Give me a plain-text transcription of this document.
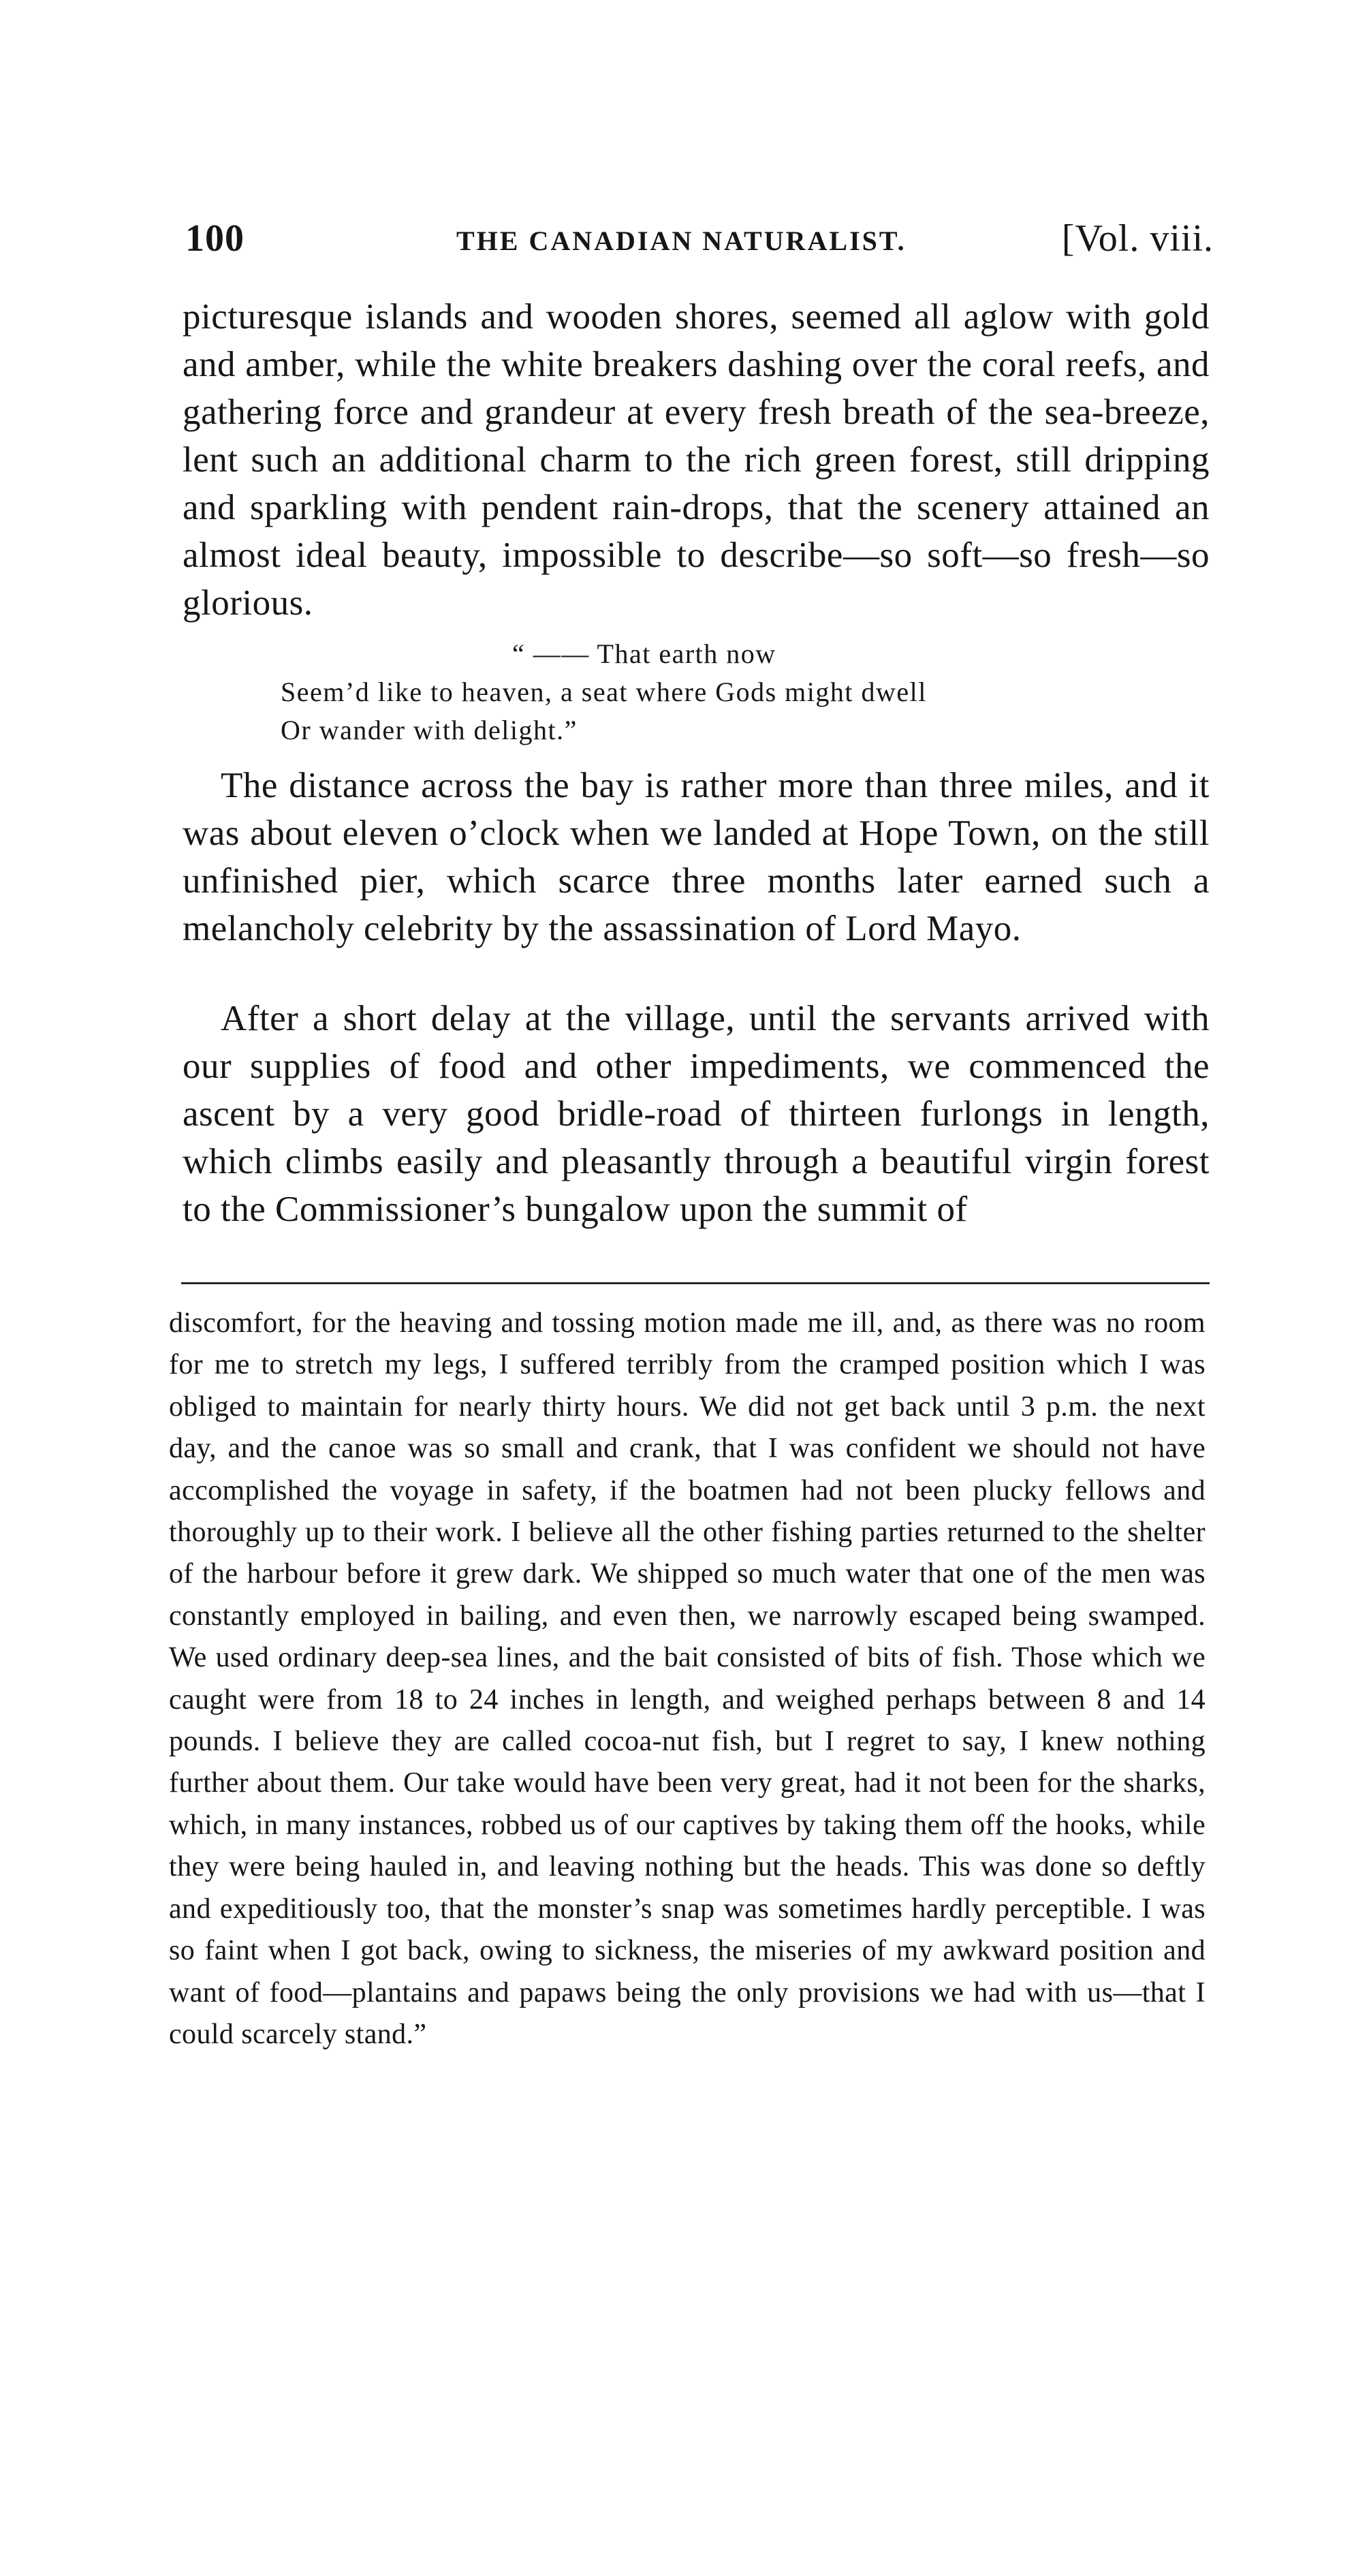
100	THE CANADIAN NATURALIST.	[Vol. viii.
picturesque islands and wooden shores, seemed all aglow with gold and amber, while the white breakers dashing over the coral reefs, and gathering force and grandeur at every fresh breath of the sea-breeze, lent such an additional charm to the rich green forest, still dripping and sparkling with pendent rain-drops, that the scenery attained an almost ideal beauty, impossible to describe—so soft—so fresh—so glorious.
“ —— That earth now
Seem’d like to heaven, a seat where Gods might dwell
Or wander with delight.”
The distance across the bay is rather more than three miles, and it was about eleven o’clock when we landed at Hope Town, on the still unfinished pier, which scarce three months later earned such a melancholy celebrity by the assassination of Lord Mayo.
After a short delay at the village, until the servants arrived with our supplies of food and other impediments, we commenced the ascent by a very good bridle-road of thirteen furlongs in length, which climbs easily and pleasantly through a beautiful virgin forest to the Commissioner’s bungalow upon the summit of
discomfort, for the heaving and tossing motion made me ill, and, as there was no room for me to stretch my legs, I suffered terribly from the cramped position which I was obliged to maintain for nearly thirty hours. We did not get back until 3 p.m. the next day, and the canoe was so small and crank, that I was confident we should not have accomplished the voyage in safety, if the boatmen had not been plucky fellows and thoroughly up to their work. I believe all the other fishing parties returned to the shelter of the harbour before it grew dark. We shipped so much water that one of the men was constantly employed in bailing, and even then, we narrowly escaped being swamped. We used ordinary deep-sea lines, and the bait consisted of bits of fish. Those which we caught were from 18 to 24 inches in length, and weighed perhaps between 8 and 14 pounds. I believe they are called cocoa-nut fish, but I regret to say, I knew nothing further about them. Our take would have been very great, had it not been for the sharks, which, in many instances, robbed us of our captives by taking them off the hooks, while they were being hauled in, and leaving nothing but the heads. This was done so deftly and expeditiously too, that the monster’s snap was sometimes hardly perceptible. I was so faint when I got back, owing to sickness, the miseries of my awkward position and want of food—plantains and papaws being the only provisions we had with us—that I could scarcely stand.”
